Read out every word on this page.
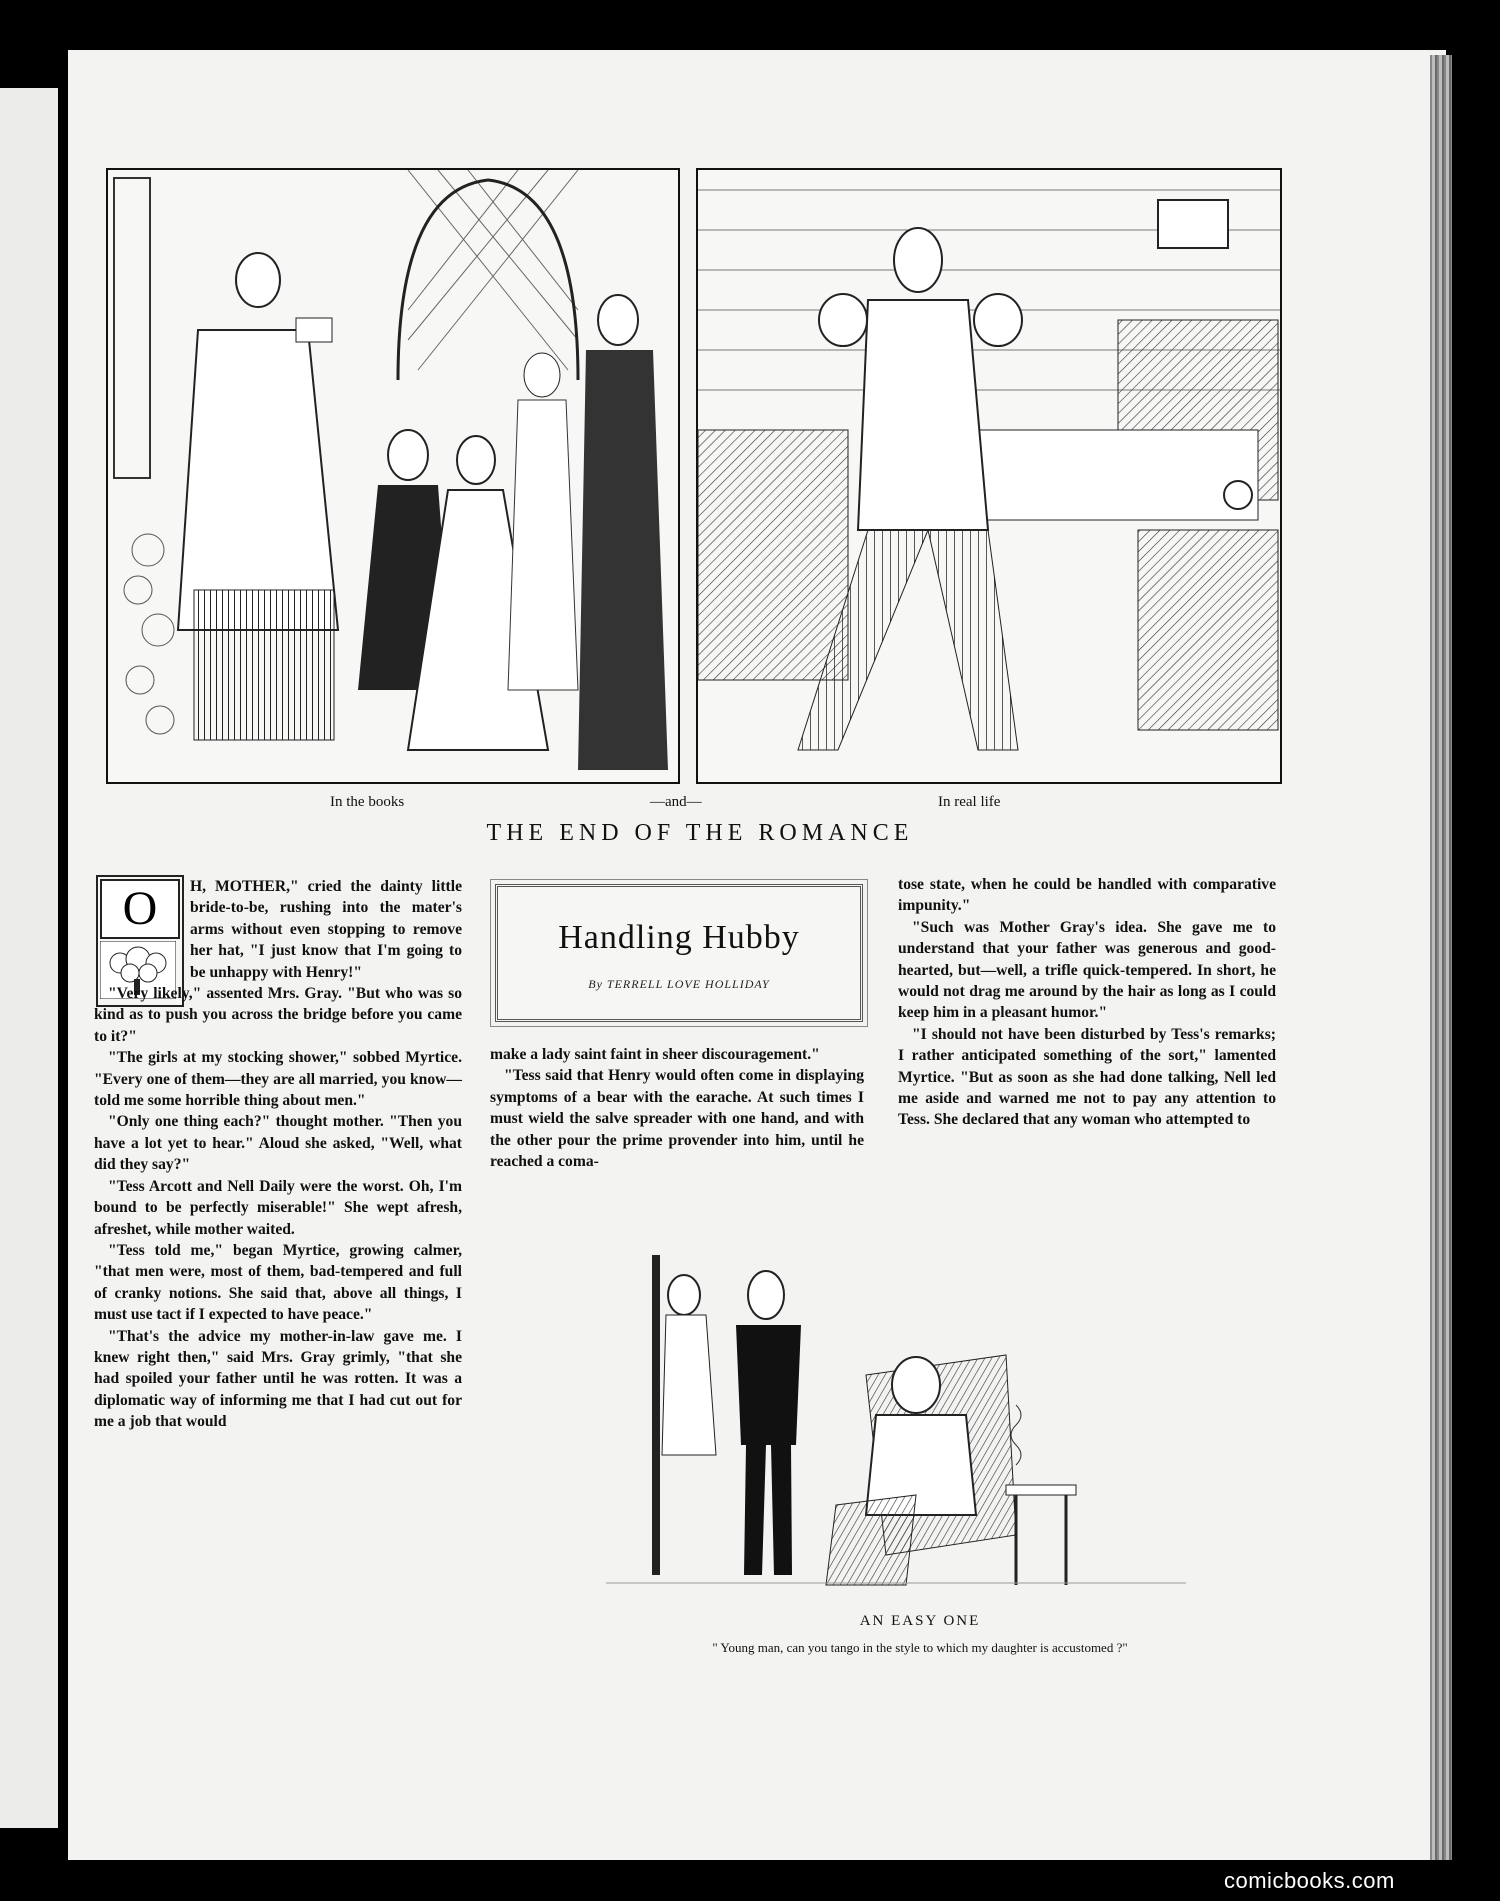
In the books	—and—	In real life
THE END OF THE ROMANCE
O	H, MOTHER," cried the dainty little bride-to-be, rushing into the mater's arms without even stopping to remove her hat, "I just know that I'm going to be unhappy with Henry!"

"Very likely," assented Mrs. Gray. "But who was so kind as to push you across the bridge before you came to it?"

"The girls at my stocking shower," sobbed Myrtice. "Every one of them—they are all married, you know—told me some horrible thing about men."

"Only one thing each?" thought mother. "Then you have a lot yet to hear." Aloud she asked, "Well, what did they say?"

"Tess Arcott and Nell Daily were the worst. Oh, I'm bound to be perfectly miserable!" She wept afresh, afreshet, while mother waited.

"Tess told me," began Myrtice, growing calmer, "that men were, most of them, bad-tempered and full of cranky notions. She said that, above all things, I must use tact if I expected to have peace."

"That's the advice my mother-in-law gave me. I knew right then," said Mrs. Gray grimly, "that she had spoiled your father until he was rotten. It was a diplomatic way of informing me that I had cut out for me a job that would

Handling Hubby
By TERRELL LOVE HOLLIDAY

make a lady saint faint in sheer discouragement."

"Tess said that Henry would often come in displaying symptoms of a bear with the earache. At such times I must wield the salve spreader with one hand, and with the other pour the prime provender into him, until he reached a coma-

tose state, when he could be handled with comparative impunity."

"Such was Mother Gray's idea. She gave me to understand that your father was generous and good-hearted, but—well, a trifle quick-tempered. In short, he would not drag me around by the hair as long as I could keep him in a pleasant humor."

"I should not have been disturbed by Tess's remarks; I rather anticipated something of the sort," lamented Myrtice. "But as soon as she had done talking, Nell led me aside and warned me not to pay any attention to Tess. She declared that any woman who attempted to

AN EASY ONE
" Young man, can you tango in the style to which my daughter is accustomed ?"
comicbooks.com
